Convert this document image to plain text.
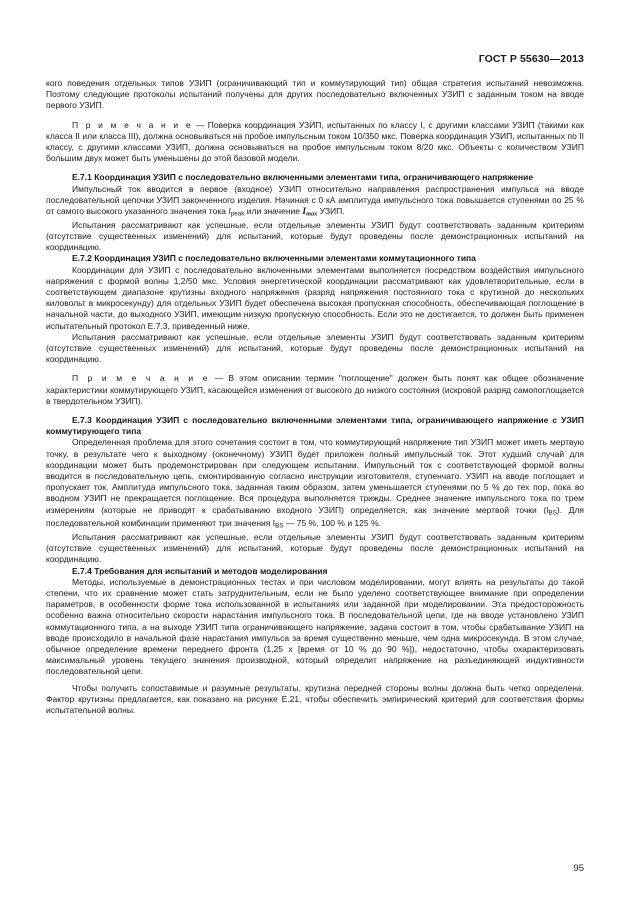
ГОСТ Р 55630—2013

кого поведения отдельных типов УЗИП (ограничивающий тип и коммутирующий тип) общая стратегия испытаний невозможна. Поэтому следующие протоколы испытаний получены для других последовательно включенных УЗИП с заданным током на вводе первого УЗИП.

П р и м е ч а н и е — Поверка координация УЗИП, испытанных по классу I, с другими классами УЗИП (такими как класса II или класса III), должна основываться на пробое импульсным током 10/350 мкс. Поверка координация УЗИП, испытанных по II классу, с другими классами УЗИП, должна основываться на пробое импульсным током 8/20 мкс. Объекты с количеством УЗИП большим двух может быть уменьшены до этой базовой модели.

Е.7.1 Координация УЗИП с последовательно включенными элементами типа, ограничивающего напряжение

Импульсный ток вводится в первое (входное) УЗИП относительно направления распространения импульса на вводе последовательной цепочки УЗИП законченного изделия. Начиная с 0 кА амплитуда импульсного тока повышается ступенями по 25 % от самого высокого указанного значения тока $I_{peak}$ или значение $I_{max}$ УЗИП.

Испытания рассматривают как успешные, если отдельные элементы УЗИП будут соответствовать заданным критериям (отсутствие существенных изменений) для испытаний, которые будут проведены после демонстрационных испытаний на координацию.

Е.7.2 Координация УЗИП с последовательно включенными элементами коммутационного типа

Координации для УЗИП с последовательно включенными элементами выполняется посредством воздействия импульсного напряжения с формой волны 1,2/50 мкс. Условия энергетической координации рассматривают как удовлетворительные, если в соответствующем диапазоне крутизны входного напряжения (разряд напряжения постоянного тока с крутизной до нескольких киловольт в микросекунду) для отдельных УЗИП будет обеспечена высокая пропускная способность, обеспечивающая поглощение в начальной части, до выходного УЗИП, имеющим низкую пропускную способность. Если это не достигается, то должен быть применен испытательный протокол Е.7.3, приведенный ниже.

Испытания рассматривают как успешные, если отдельные элементы УЗИП будут соответствовать заданным критериям (отсутствие существенных изменений) для испытаний, которые будут проведены после демонстрационных испытаний на координацию.

П р и м е ч а н и е — В этом описании термин "поглощение" должен быть понят как общее обозначение характеристики коммутирующего УЗИП, касающейся изменения от высокого до низкого состояния (искровой разряд самопоглощается в твердотельном УЗИП).

Е.7.3 Координация УЗИП с последовательно включенными элементами типа, ограничивающего напряжение с УЗИП коммутирующего типа

Определенная проблема для этого сочетания состоит в том, что коммутирующий напряжение тип УЗИП может иметь мертвую точку, в результате чего к выходному (оконечному) УЗИП будет приложен полный импульсный ток. Этот худший случай для координации может быть продемонстрирован при следующем испытании. Импульсный ток с соответствующей формой волны вводится в последовательную цепь, смонтированную согласно инструкции изготовителя, ступенчато. УЗИП на вводе поглощает и пропускает ток. Амплитуда импульсного тока, заданная таким образом, затем уменьшается ступенями по 5 % до тех пор, пока во вводном УЗИП не прекращается поглощение. Вся процедура выполняется трижды. Среднее значение импульсного тока по трем измерениям (которые не приводят к срабатыванию входного УЗИП) определяется, как значение мертвой точки $(I_{BS})$. Для последовательной комбинации применяют три значения $I_{BS}$ — 75 %, 100 % и 125 %.

Испытания рассматривают как успешные, если отдельные элементы УЗИП будут соответствовать заданным критериям (отсутствие существенных изменений) для испытаний, которые будут проведены после демонстрационных испытаний на координацию.

Е.7.4 Требования для испытаний и методов моделирования

Методы, используемые в демонстрационных тестах и при числовом моделировании, могут влиять на результаты до такой степени, что их сравнение может стать затруднительным, если не было уделено соответствующее внимание при определении параметров, в особенности форме тока использованной в испытаниях или заданной при моделировании. Эта предосторожность особенно важна относительно скорости нарастания импульсного тока. В последовательной цепи, где на вводе установлено УЗИП коммутационного типа, а на выходе УЗИП типа ограничивающего напряжение, задача состоит в том, чтобы срабатывание УЗИП на вводе происходило в начальной фазе нарастания импульса за время существенно меньше, чем одна микросекунда. В этом случае, обычное определение времени переднего фронта (1,25 х [время от 10 % до 90 %]), недостаточно, чтобы охарактеризовать максимальный уровень текущего значения производной, который определит напряжение на разъединяющей индуктивности последовательной цепи.

Чтобы получить сопоставимые и разумные результаты, крутизна передней стороны волны должна быть четко определена. Фактор крутизны предлагается, как показано на рисунке Е.21, чтобы обеспечить эмпирический критерий для соответствия формы испытательной волны.

95
